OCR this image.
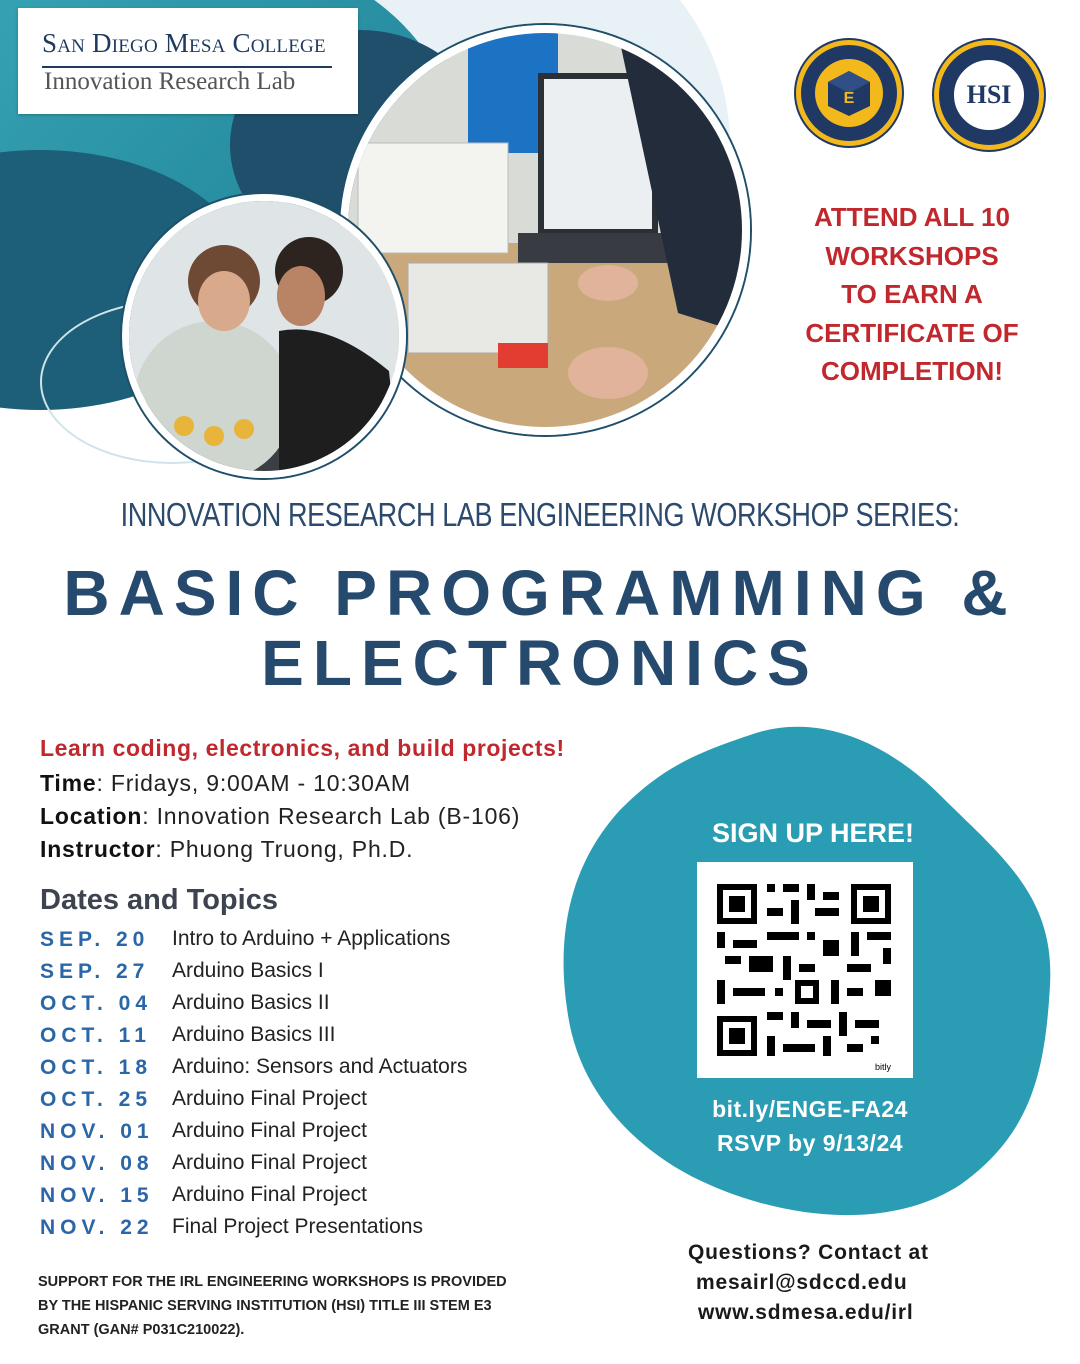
San Diego Mesa College
Innovation Research Lab
E	HSI
ATTEND ALL 10
WORKSHOPS
TO EARN A
CERTIFICATE OF
COMPLETION!
INNOVATION RESEARCH LAB ENGINEERING WORKSHOP SERIES:
BASIC PROGRAMMING &
ELECTRONICS
SIGN UP HERE!
bitly
bit.ly/ENGE-FA24
RSVP by 9/13/24
Learn coding, electronics, and build projects!
Time: Fridays, 9:00AM - 10:30AM
Location: Innovation Research Lab (B-106)
Instructor: Phuong Truong, Ph.D.
Dates and Topics
SEP. 20 Intro to Arduino + Applications
SEP. 27 Arduino Basics I
OCT. 04 Arduino Basics II
OCT. 11 Arduino Basics III
OCT. 18 Arduino: Sensors and Actuators
OCT. 25 Arduino Final Project
NOV. 01 Arduino Final Project
NOV. 08 Arduino Final Project
NOV. 15 Arduino Final Project
NOV. 22 Final Project Presentations
SUPPORT FOR THE IRL ENGINEERING WORKSHOPS IS PROVIDED
BY THE HISPANIC SERVING INSTITUTION (HSI) TITLE III STEM E3
GRANT (GAN# P031C210022).
Questions? Contact at
mesairl@sdccd.edu
www.sdmesa.edu/irl
